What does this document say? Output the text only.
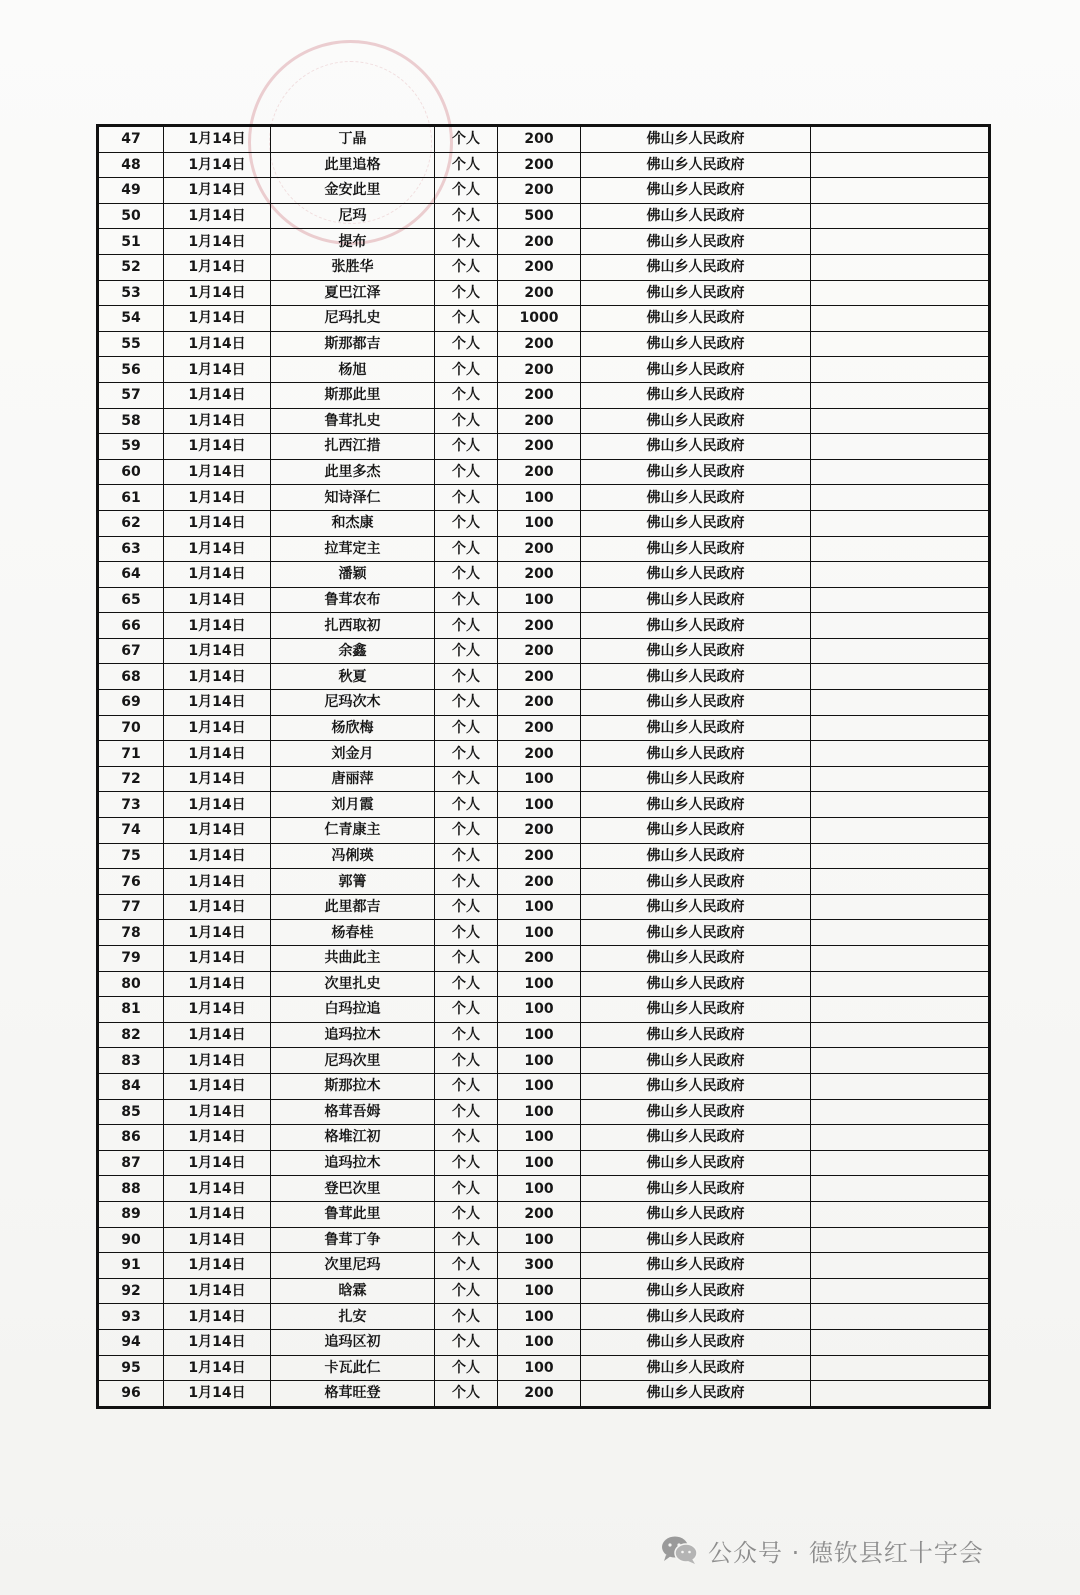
47	1月14日	丁晶	个人	200	佛山乡人民政府	
48	1月14日	此里追格	个人	200	佛山乡人民政府	
49	1月14日	金安此里	个人	200	佛山乡人民政府	
50	1月14日	尼玛	个人	500	佛山乡人民政府	
51	1月14日	提布	个人	200	佛山乡人民政府	
52	1月14日	张胜华	个人	200	佛山乡人民政府	
53	1月14日	夏巴江泽	个人	200	佛山乡人民政府	
54	1月14日	尼玛扎史	个人	1000	佛山乡人民政府	
55	1月14日	斯那都吉	个人	200	佛山乡人民政府	
56	1月14日	杨旭	个人	200	佛山乡人民政府	
57	1月14日	斯那此里	个人	200	佛山乡人民政府	
58	1月14日	鲁茸扎史	个人	200	佛山乡人民政府	
59	1月14日	扎西江措	个人	200	佛山乡人民政府	
60	1月14日	此里多杰	个人	200	佛山乡人民政府	
61	1月14日	知诗泽仁	个人	100	佛山乡人民政府	
62	1月14日	和杰康	个人	100	佛山乡人民政府	
63	1月14日	拉茸定主	个人	200	佛山乡人民政府	
64	1月14日	潘颖	个人	200	佛山乡人民政府	
65	1月14日	鲁茸农布	个人	100	佛山乡人民政府	
66	1月14日	扎西取初	个人	200	佛山乡人民政府	
67	1月14日	余鑫	个人	200	佛山乡人民政府	
68	1月14日	秋夏	个人	200	佛山乡人民政府	
69	1月14日	尼玛次木	个人	200	佛山乡人民政府	
70	1月14日	杨欣梅	个人	200	佛山乡人民政府	
71	1月14日	刘金月	个人	200	佛山乡人民政府	
72	1月14日	唐丽萍	个人	100	佛山乡人民政府	
73	1月14日	刘月霞	个人	100	佛山乡人民政府	
74	1月14日	仁青康主	个人	200	佛山乡人民政府	
75	1月14日	冯俐瑛	个人	200	佛山乡人民政府	
76	1月14日	郭箐	个人	200	佛山乡人民政府	
77	1月14日	此里都吉	个人	100	佛山乡人民政府	
78	1月14日	杨春桂	个人	100	佛山乡人民政府	
79	1月14日	共曲此主	个人	200	佛山乡人民政府	
80	1月14日	次里扎史	个人	100	佛山乡人民政府	
81	1月14日	白玛拉追	个人	100	佛山乡人民政府	
82	1月14日	追玛拉木	个人	100	佛山乡人民政府	
83	1月14日	尼玛次里	个人	100	佛山乡人民政府	
84	1月14日	斯那拉木	个人	100	佛山乡人民政府	
85	1月14日	格茸吾姆	个人	100	佛山乡人民政府	
86	1月14日	格堆江初	个人	100	佛山乡人民政府	
87	1月14日	追玛拉木	个人	100	佛山乡人民政府	
88	1月14日	登巴次里	个人	100	佛山乡人民政府	
89	1月14日	鲁茸此里	个人	200	佛山乡人民政府	
90	1月14日	鲁茸丁争	个人	100	佛山乡人民政府	
91	1月14日	次里尼玛	个人	300	佛山乡人民政府	
92	1月14日	晗霖	个人	100	佛山乡人民政府	
93	1月14日	扎安	个人	100	佛山乡人民政府	
94	1月14日	追玛区初	个人	100	佛山乡人民政府	
95	1月14日	卡瓦此仁	个人	100	佛山乡人民政府	
96	1月14日	格茸旺登	个人	200	佛山乡人民政府	
公众号 · 德钦县红十字会
